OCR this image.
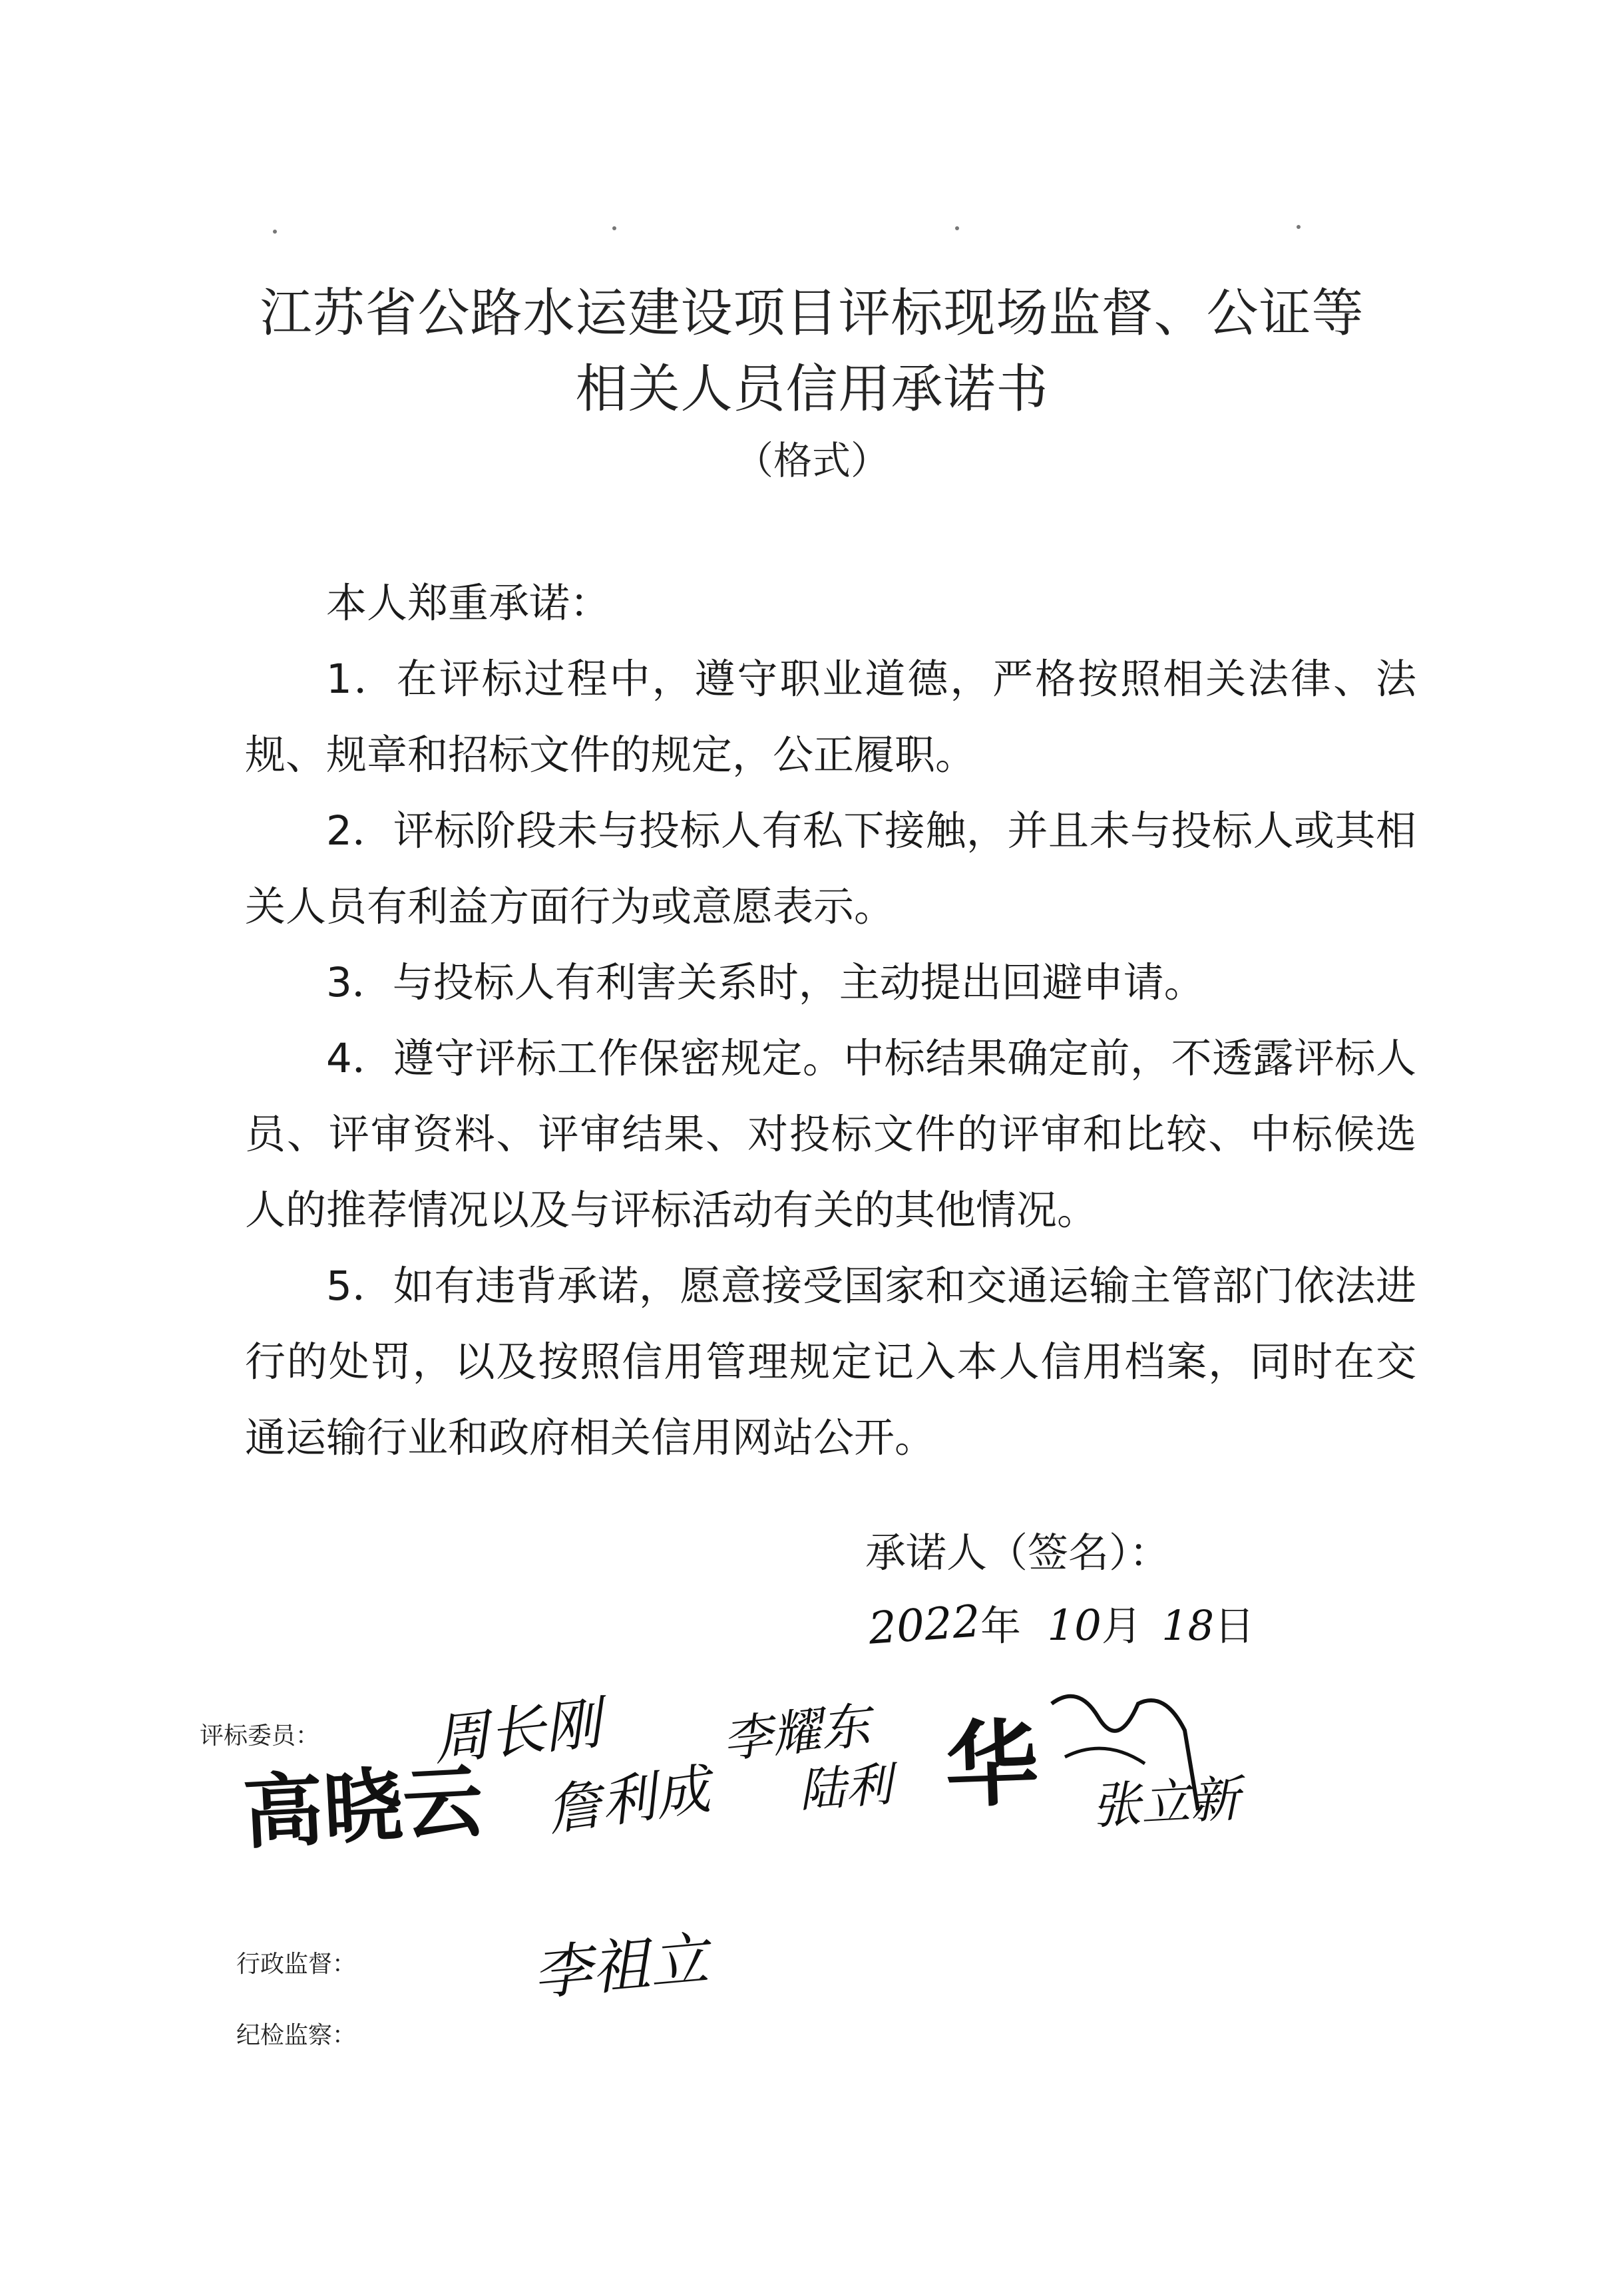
江苏省公路水运建设项目评标现场监督、公证等
相关人员信用承诺书
（格式）

本人郑重承诺：

1．在评标过程中，遵守职业道德，严格按照相关法律、法规、规章和招标文件的规定，公正履职。

2．评标阶段未与投标人有私下接触，并且未与投标人或其相关人员有利益方面行为或意愿表示。

3．与投标人有利害关系时，主动提出回避申请。

4．遵守评标工作保密规定。中标结果确定前，不透露评标人员、评审资料、评审结果、对投标文件的评审和比较、中标候选人的推荐情况以及与评标活动有关的其他情况。

5．如有违背承诺，愿意接受国家和交通运输主管部门依法进行的处罚，以及按照信用管理规定记入本人信用档案，同时在交通运输行业和政府相关信用网站公开。

承诺人（签名）：
2022年 10月 18日
评标委员：
高晓云
周长刚
詹利成
李耀东
陆利 华 张立新
行政监督：	李祖立
纪检监察：
